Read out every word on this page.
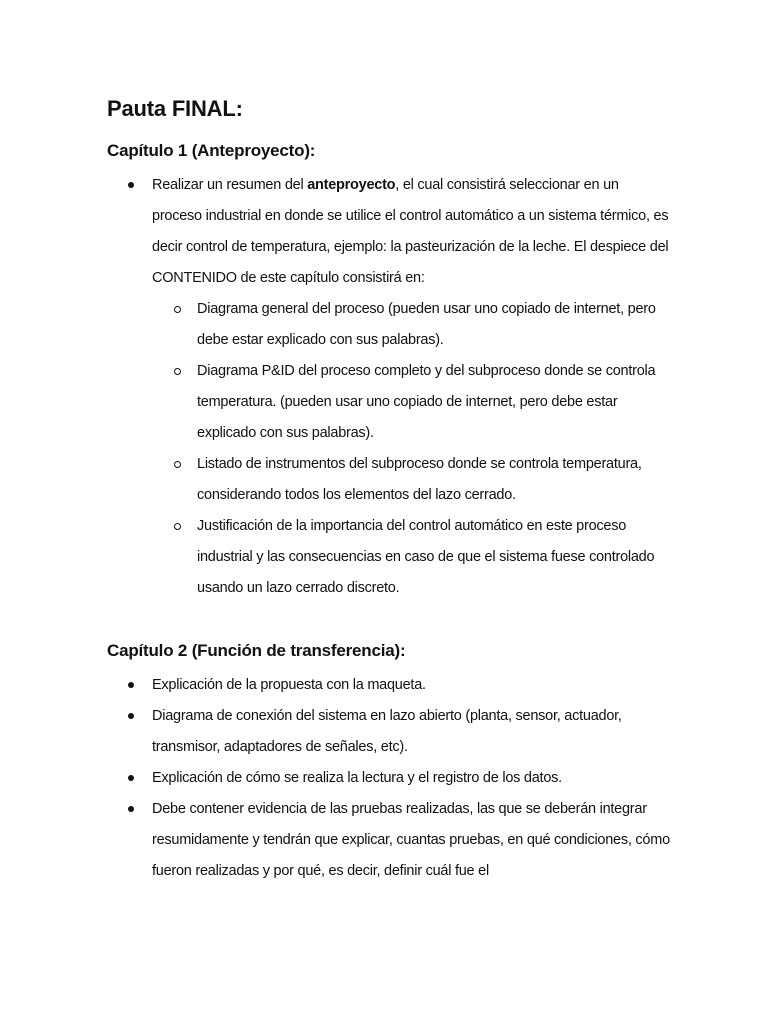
Pauta FINAL:
Capítulo 1 (Anteproyecto):
Realizar un resumen del anteproyecto, el cual consistirá seleccionar en un proceso industrial en donde se utilice el control automático a un sistema térmico, es decir control de temperatura, ejemplo: la pasteurización de la leche. El despiece del CONTENIDO de este capítulo consistirá en:
Diagrama general del proceso (pueden usar uno copiado de internet, pero debe estar explicado con sus palabras).
Diagrama P&ID del proceso completo y del subproceso donde se controla temperatura. (pueden usar uno copiado de internet, pero debe estar explicado con sus palabras).
Listado de instrumentos del subproceso donde se controla temperatura, considerando todos los elementos del lazo cerrado.
Justificación de la importancia del control automático en este proceso industrial y las consecuencias en caso de que el sistema fuese controlado usando un lazo cerrado discreto.
Capítulo 2 (Función de transferencia):
Explicación de la propuesta con la maqueta.
Diagrama de conexión del sistema en lazo abierto (planta, sensor, actuador, transmisor, adaptadores de señales, etc).
Explicación de cómo se realiza la lectura y el registro de los datos.
Debe contener evidencia de las pruebas realizadas, las que se deberán integrar resumidamente y tendrán que explicar, cuantas pruebas, en qué condiciones, cómo fueron realizadas y por qué, es decir, definir cuál fue el
